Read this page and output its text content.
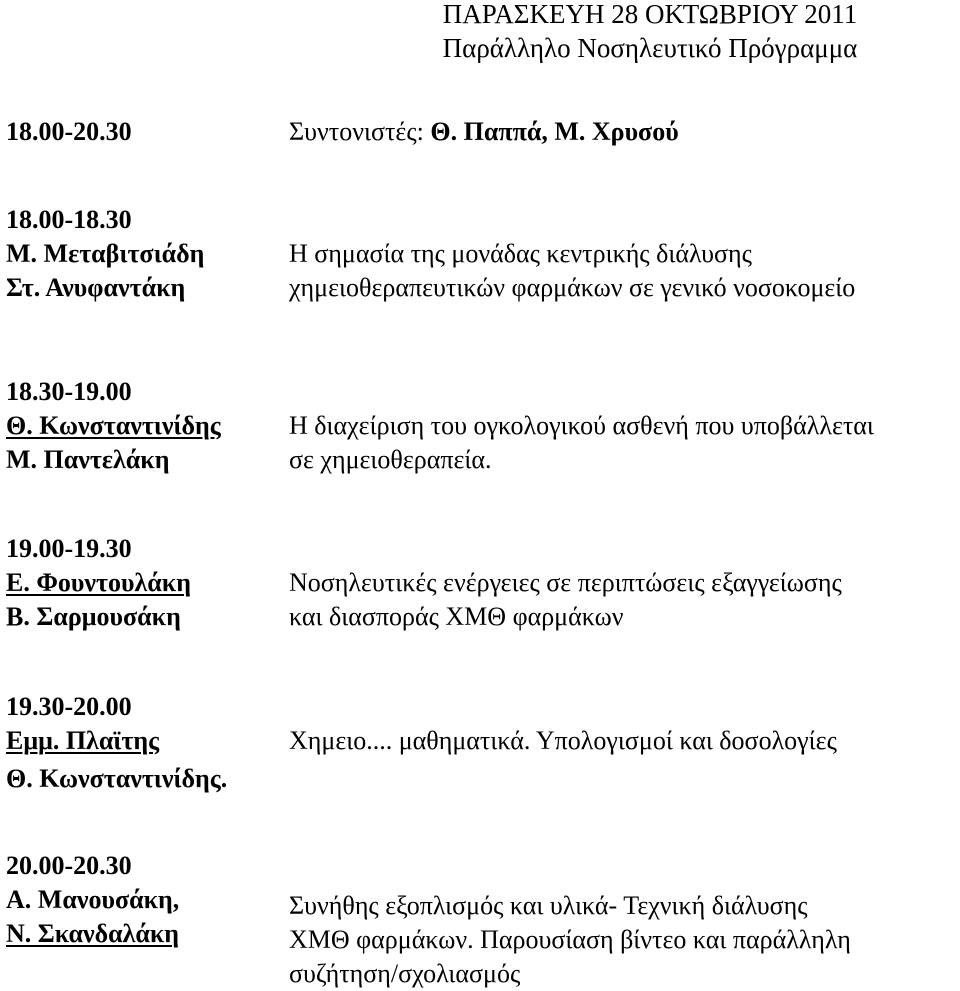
ΠΑΡΑΣΚΕΥΗ 28 ΟΚΤΩΒΡΙΟΥ 2011
Παράλληλο Νοσηλευτικό Πρόγραμμα
18.00-20.30	Συντονιστές: Θ. Παππά, Μ. Χρυσού
18.00-18.30
Μ. Μεταβιτσιάδη
Στ. Ανυφαντάκη
Η σημασία της μονάδας κεντρικής διάλυσης
χημειοθεραπευτικών φαρμάκων σε γενικό νοσοκομείο
18.30-19.00
Θ. Κωνσταντινίδης
Μ. Παντελάκη
Η διαχείριση του ογκολογικού ασθενή που υποβάλλεται
σε χημειοθεραπεία.
19.00-19.30
Ε. Φουντουλάκη
Β. Σαρμουσάκη
Νοσηλευτικές ενέργειες σε περιπτώσεις εξαγγείωσης
και διασποράς ΧΜΘ φαρμάκων
19.30-20.00
Εμμ. Πλαϊτης
Θ. Κωνσταντινίδης.
Χημειο.... μαθηματικά. Υπολογισμοί και δοσολογίες
20.00-20.30
Α. Μανουσάκη,
Ν. Σκανδαλάκη
Συνήθης εξοπλισμός και υλικά- Τεχνική διάλυσης
ΧΜΘ φαρμάκων. Παρουσίαση βίντεο και παράλληλη
συζήτηση/σχολιασμός
